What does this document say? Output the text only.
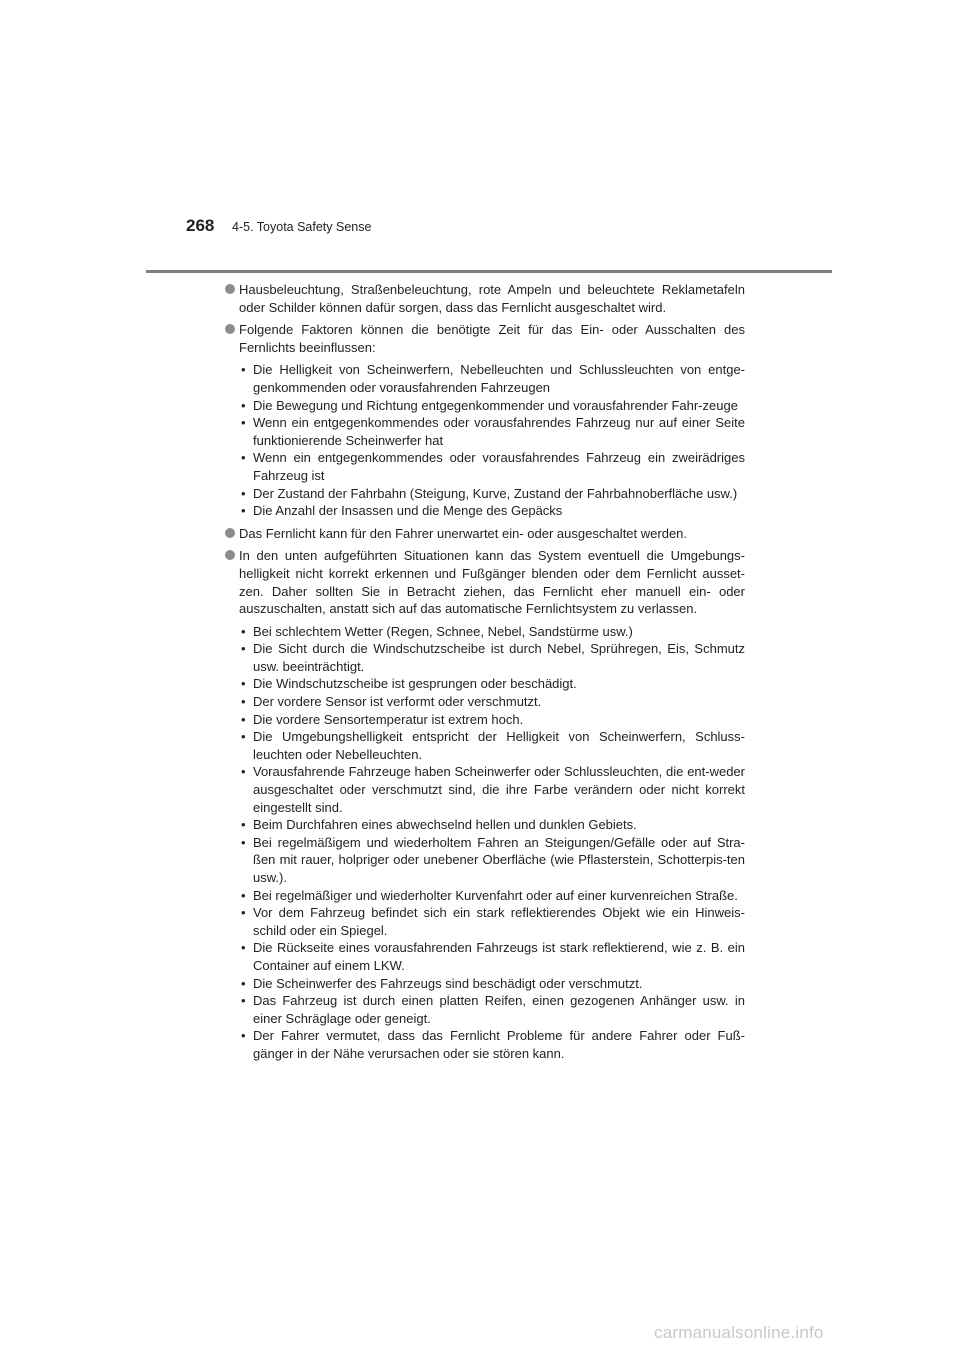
268 4-5. Toyota Safety Sense
Hausbeleuchtung, Straßenbeleuchtung, rote Ampeln und beleuchtete Reklametafeln oder Schilder können dafür sorgen, dass das Fernlicht ausgeschaltet wird.
Folgende Faktoren können die benötigte Zeit für das Ein- oder Ausschalten des Fernlichts beeinflussen:
• Die Helligkeit von Scheinwerfern, Nebelleuchten und Schlussleuchten von entge-genkommenden oder vorausfahrenden Fahrzeugen
• Die Bewegung und Richtung entgegenkommender und vorausfahrender Fahr-zeuge
• Wenn ein entgegenkommendes oder vorausfahrendes Fahrzeug nur auf einer Seite funktionierende Scheinwerfer hat
• Wenn ein entgegenkommendes oder vorausfahrendes Fahrzeug ein zweirädriges Fahrzeug ist
• Der Zustand der Fahrbahn (Steigung, Kurve, Zustand der Fahrbahnoberfläche usw.)
• Die Anzahl der Insassen und die Menge des Gepäcks
Das Fernlicht kann für den Fahrer unerwartet ein- oder ausgeschaltet werden.
In den unten aufgeführten Situationen kann das System eventuell die Umgebungs-helligkeit nicht korrekt erkennen und Fußgänger blenden oder dem Fernlicht ausset-zen. Daher sollten Sie in Betracht ziehen, das Fernlicht eher manuell ein- oder auszuschalten, anstatt sich auf das automatische Fernlichtsystem zu verlassen.
• Bei schlechtem Wetter (Regen, Schnee, Nebel, Sandstürme usw.)
• Die Sicht durch die Windschutzscheibe ist durch Nebel, Sprühregen, Eis, Schmutz usw. beeinträchtigt.
• Die Windschutzscheibe ist gesprungen oder beschädigt.
• Der vordere Sensor ist verformt oder verschmutzt.
• Die vordere Sensortemperatur ist extrem hoch.
• Die Umgebungshelligkeit entspricht der Helligkeit von Scheinwerfern, Schluss-leuchten oder Nebelleuchten.
• Vorausfahrende Fahrzeuge haben Scheinwerfer oder Schlussleuchten, die ent-weder ausgeschaltet oder verschmutzt sind, die ihre Farbe verändern oder nicht korrekt eingestellt sind.
• Beim Durchfahren eines abwechselnd hellen und dunklen Gebiets.
• Bei regelmäßigem und wiederholtem Fahren an Steigungen/Gefälle oder auf Stra-ßen mit rauer, holpriger oder unebener Oberfläche (wie Pflasterstein, Schotterpis-ten usw.).
• Bei regelmäßiger und wiederholter Kurvenfahrt oder auf einer kurvenreichen Straße.
• Vor dem Fahrzeug befindet sich ein stark reflektierendes Objekt wie ein Hinweis-schild oder ein Spiegel.
• Die Rückseite eines vorausfahrenden Fahrzeugs ist stark reflektierend, wie z. B. ein Container auf einem LKW.
• Die Scheinwerfer des Fahrzeugs sind beschädigt oder verschmutzt.
• Das Fahrzeug ist durch einen platten Reifen, einen gezogenen Anhänger usw. in einer Schräglage oder geneigt.
• Der Fahrer vermutet, dass das Fernlicht Probleme für andere Fahrer oder Fuß-gänger in der Nähe verursachen oder sie stören kann.
carmanualsonline.info
